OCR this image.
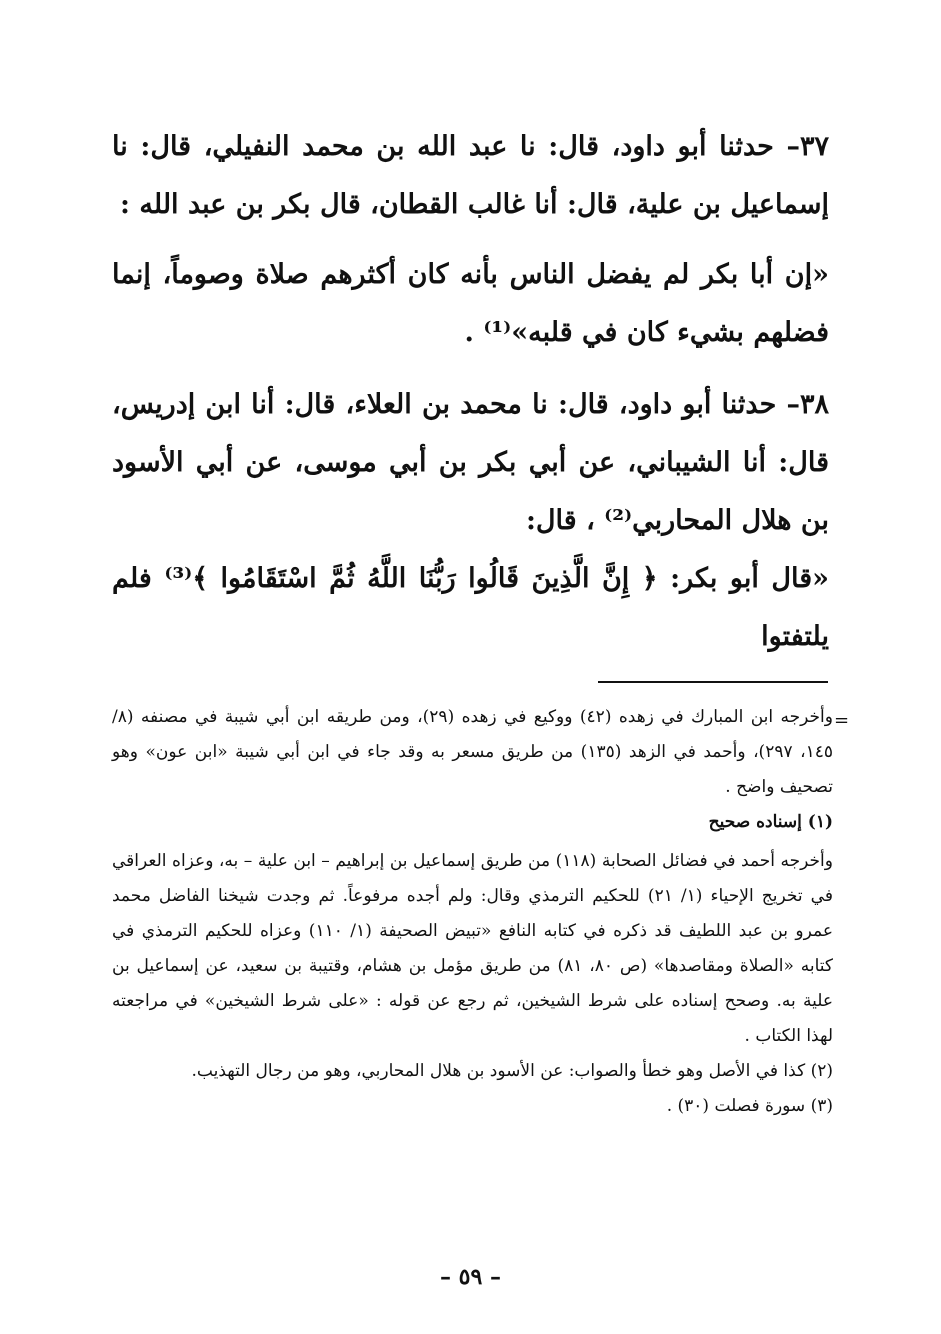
٣٧– حدثنا أبو داود، قال: نا عبد الله بن محمد النفيلي، قال: نا إسماعيل بن علية، قال: أنا غالب القطان، قال بكر بن عبد الله :

«إن أبا بكر لم يفضل الناس بأنه كان أكثرهم صلاة وصوماً، إنما فضلهم بشيء كان في قلبه»⁽¹⁾ .

٣٨– حدثنا أبو داود، قال: نا محمد بن العلاء، قال: أنا ابن إدريس، قال: أنا الشيباني، عن أبي بكر بن أبي موسى، عن أبي الأسود بن هلال المحاربي⁽²⁾ ، قال:

«قال أبو بكر: ﴿ إِنَّ الَّذِينَ قَالُوا رَبُّنَا اللَّهُ ثُمَّ اسْتَقَامُوا ﴾⁽³⁾ فلم يلتفتوا

=

وأخرجه ابن المبارك في زهده (٤٢) ووكيع في زهده (٢٩)، ومن طريقه ابن أبي شيبة في مصنفه (٨/ ١٤٥، ٢٩٧)، وأحمد في الزهد (١٣٥) من طريق مسعر به وقد جاء في ابن أبي شيبة «ابن عون» وهو تصحيف واضح .

(١) إسناده صحيح

وأخرجه أحمد في فضائل الصحابة (١١٨) من طريق إسماعيل بن إبراهيم – ابن علية – به، وعزاه العراقي في تخريج الإحياء (١/ ٢١) للحكيم الترمذي وقال: ولم أجده مرفوعاً. ثم وجدت شيخنا الفاضل محمد عمرو بن عبد اللطيف قد ذكره في كتابه النافع «تبيض الصحيفة (١/ ١١٠) وعزاه للحكيم الترمذي في كتابه «الصلاة ومقاصدها» (ص ٨٠، ٨١) من طريق مؤمل بن هشام، وقتيبة بن سعيد، عن إسماعيل بن علية به. وصحح إسناده على شرط الشيخين، ثم رجع عن قوله : «على شرط الشيخين» في مراجعته لهذا الكتاب .

(٢) كذا في الأصل وهو خطأ والصواب: عن الأسود بن هلال المحاربي، وهو من رجال التهذيب.

(٣) سورة فصلت (٣٠) .

– ٥٩ –
